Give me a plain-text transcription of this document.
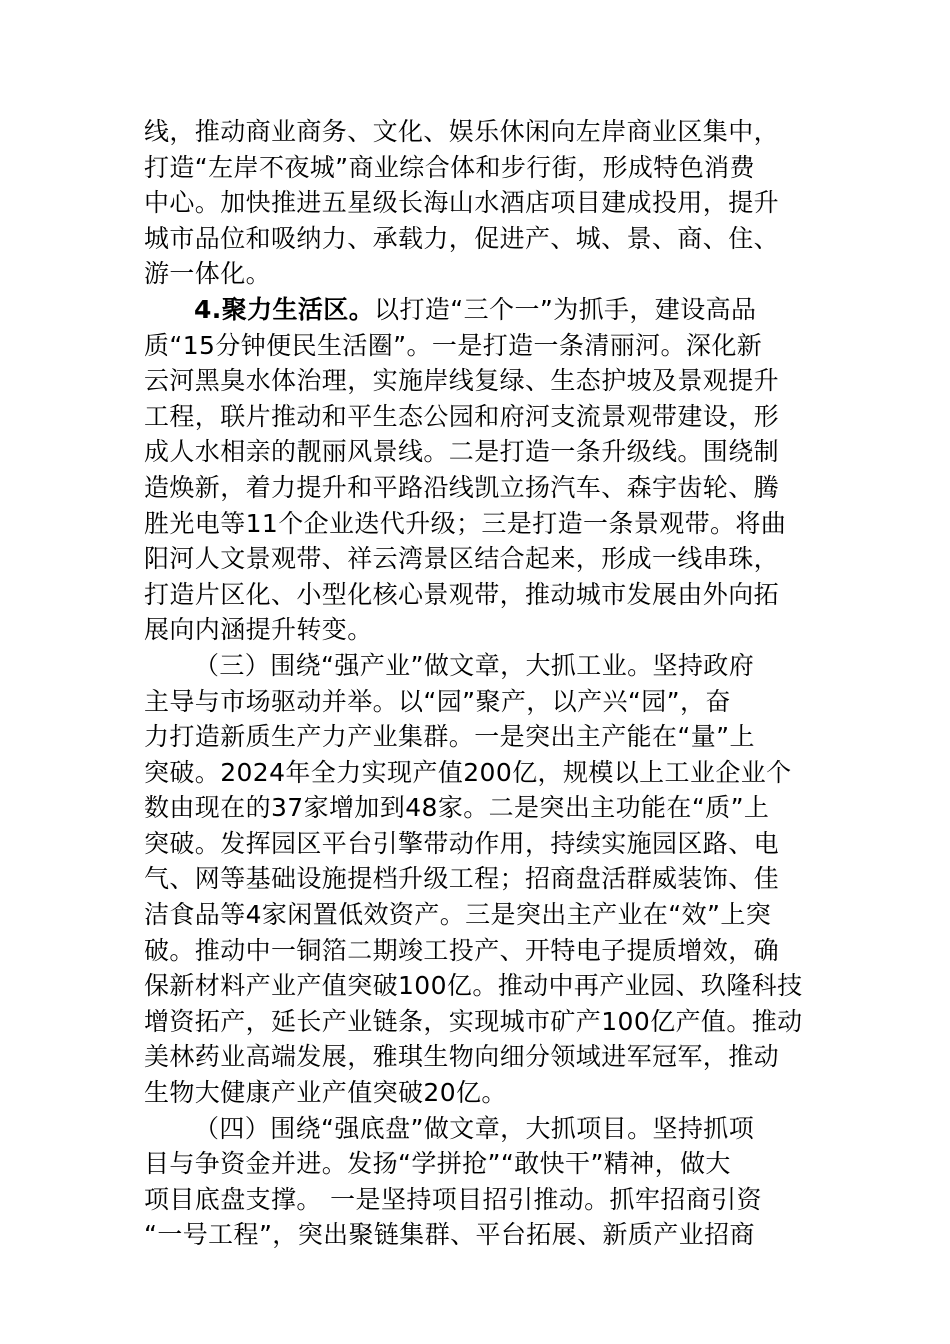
线，推动商业商务、文化、娱乐休闲向左岸商业区集中，
打造“左岸不夜城”商业综合体和步行街，形成特色消费
中心。加快推进五星级长海山水酒店项目建成投用，提升
城市品位和吸纳力、承载力，促进产、城、景、商、住、
游一体化。
4.聚力生活区。以打造“三个一”为抓手，建设高品
质“15分钟便民生活圈”。一是打造一条清丽河。深化新
云河黑臭水体治理，实施岸线复绿、生态护坡及景观提升
工程，联片推动和平生态公园和府河支流景观带建设，形
成人水相亲的靓丽风景线。二是打造一条升级线。围绕制
造焕新，着力提升和平路沿线凯立扬汽车、森宇齿轮、腾
胜光电等11个企业迭代升级；三是打造一条景观带。将曲
阳河人文景观带、祥云湾景区结合起来，形成一线串珠，
打造片区化、小型化核心景观带，推动城市发展由外向拓
展向内涵提升转变。
（三）围绕“强产业”做文章，大抓工业。坚持政府
主导与市场驱动并举。以“园”聚产，以产兴“园”，奋
力打造新质生产力产业集群。一是突出主产能在“量”上
突破。2024年全力实现产值200亿，规模以上工业企业个
数由现在的37家增加到48家。二是突出主功能在“质”上
突破。发挥园区平台引擎带动作用，持续实施园区路、电
气、网等基础设施提档升级工程；招商盘活群威装饰、佳
洁食品等4家闲置低效资产。三是突出主产业在“效”上突
破。推动中一铜箔二期竣工投产、开特电子提质增效，确
保新材料产业产值突破100亿。推动中再产业园、玖隆科技
增资拓产，延长产业链条，实现城市矿产100亿产值。推动
美林药业高端发展，雅琪生物向细分领域进军冠军，推动
生物大健康产业产值突破20亿。
（四）围绕“强底盘”做文章，大抓项目。坚持抓项
目与争资金并进。发扬“学拼抢”“敢快干”精神，做大
项目底盘支撑。 一是坚持项目招引推动。抓牢招商引资
“一号工程”，突出聚链集群、平台拓展、新质产业招商
